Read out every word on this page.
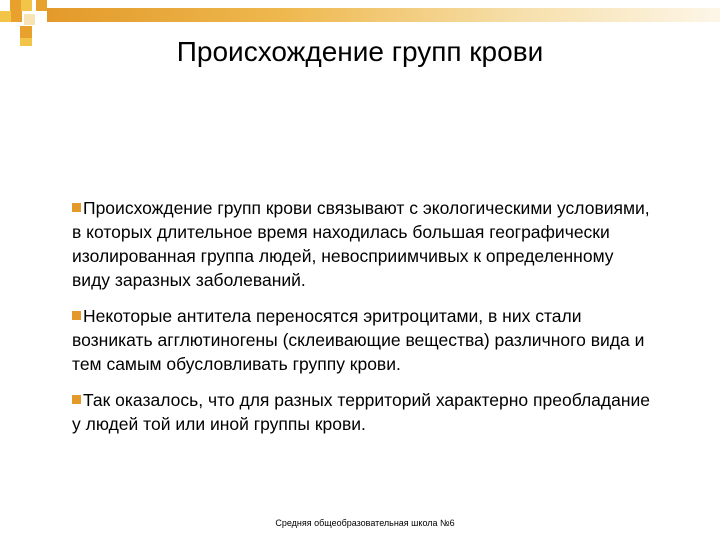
Происхождение групп крови
Происхождение групп крови связывают с экологическими условиями, в которых длительное время находилась большая географически изолированная группа людей, невосприимчивых к определенному виду заразных заболеваний.
Некоторые антитела переносятся эритроцитами, в них стали возникать агглютиногены (склеивающие вещества) различного вида и тем самым обусловливать группу крови.
Так оказалось, что для разных территорий характерно преобладание у людей той или иной группы крови.
Средняя общеобразовательная школа №6
